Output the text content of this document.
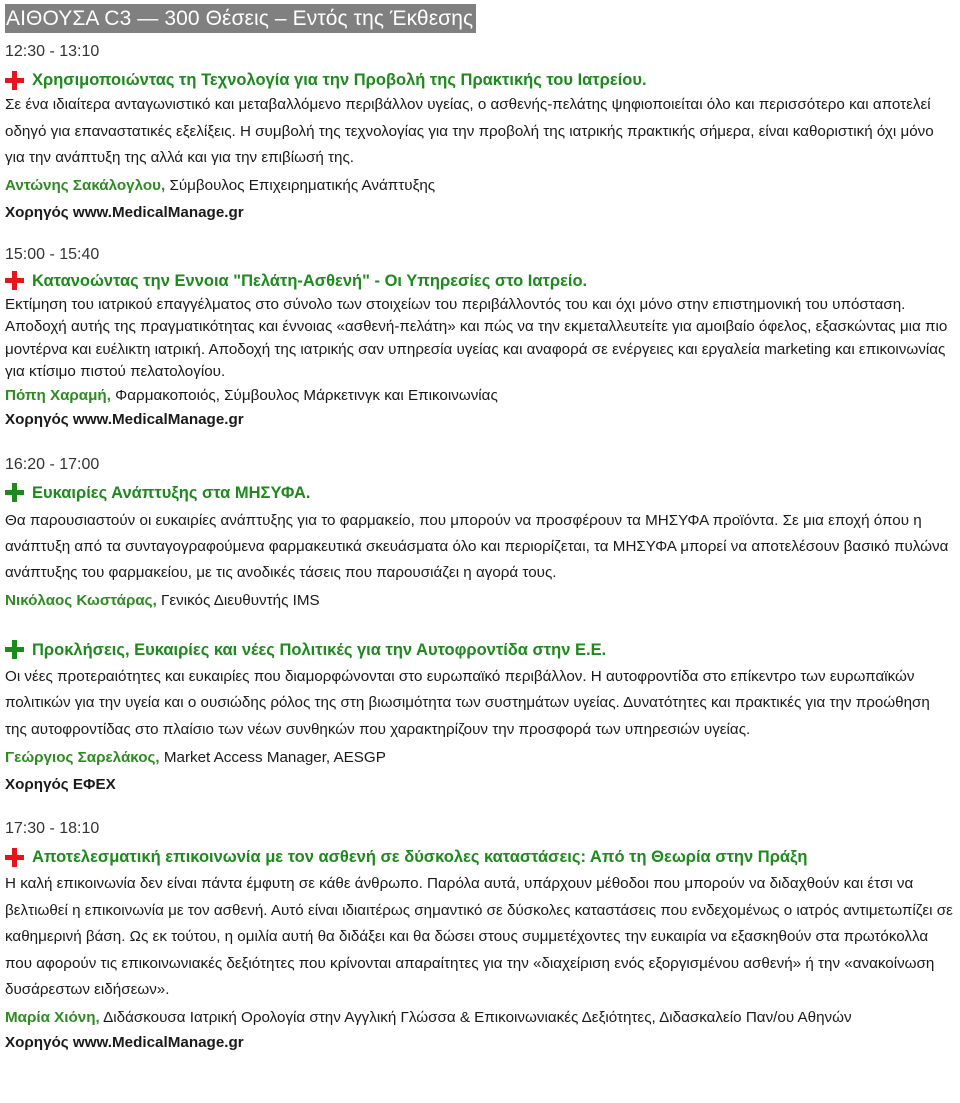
ΑΙΘΟΥΣΑ C3 — 300 Θέσεις – Εντός της Έκθεσης
12:30 - 13:10
Χρησιμοποιώντας τη Τεχνολογία για την Προβολή της Πρακτικής του Ιατρείου.

Σε ένα ιδιαίτερα ανταγωνιστικό και μεταβαλλόμενο περιβάλλον υγείας, ο ασθενής-πελάτης ψηφιοποιείται όλο και περισσότερο και αποτελεί οδηγό για επαναστατικές εξελίξεις. Η συμβολή της τεχνολογίας για την προβολή της ιατρικής πρακτικής σήμερα, είναι καθοριστική όχι μόνο για την ανάπτυξη της αλλά και για την επιβίωσή της.

Αντώνης Σακάλογλου, Σύμβουλος Επιχειρηματικής Ανάπτυξης
Χορηγός www.MedicalManage.gr
15:00 - 15:40
Κατανοώντας την Εννοια "Πελάτη-Ασθενή" - Οι Υπηρεσίες στο Ιατρείο.

Εκτίμηση του ιατρικού επαγγέλματος στο σύνολο των στοιχείων του περιβάλλοντός του και όχι μόνο στην επιστημονική του υπόσταση. Αποδοχή αυτής της πραγματικότητας και έννοιας «ασθενή-πελάτη» και πώς να την εκμεταλλευτείτε για αμοιβαίο όφελος, εξασκώντας μια πιο μοντέρνα και ευέλικτη ιατρική. Αποδοχή της ιατρικής σαν υπηρεσία υγείας και αναφορά σε ενέργειες και εργαλεία marketing και επικοινωνίας για κτίσιμο πιστού πελατολογίου.

Πόπη Χαραμή, Φαρμακοποιός, Σύμβουλος Μάρκετινγκ και Επικοινωνίας
Χορηγός www.MedicalManage.gr
16:20 - 17:00
Ευκαιρίες Ανάπτυξης στα ΜΗΣΥΦΑ.

Θα παρουσιαστούν οι ευκαιρίες ανάπτυξης για το φαρμακείο, που μπορούν να προσφέρουν τα ΜΗΣΥΦΑ προϊόντα. Σε μια εποχή όπου η ανάπτυξη από τα συνταγογραφούμενα φαρμακευτικά σκευάσματα όλο και περιορίζεται, τα ΜΗΣΥΦΑ μπορεί να αποτελέσουν βασικό πυλώνα ανάπτυξης του φαρμακείου, με τις ανοδικές τάσεις που παρουσιάζει η αγορά τους.

Νικόλαος Κωστάρας, Γενικός Διευθυντής IMS
Προκλήσεις, Ευκαιρίες και νέες Πολιτικές για την Αυτοφροντίδα στην Ε.Ε.

Οι νέες προτεραιότητες και ευκαιρίες που διαμορφώνονται στο ευρωπαϊκό περιβάλλον. Η αυτοφροντίδα στο επίκεντρο των ευρωπαϊκών πολιτικών για την υγεία και ο ουσιώδης ρόλος της στη βιωσιμότητα των συστημάτων υγείας. Δυνατότητες και πρακτικές για την προώθηση της αυτοφροντίδας στο πλαίσιο των νέων συνθηκών που χαρακτηρίζουν την προσφορά των υπηρεσιών υγείας.

Γεώργιος Σαρελάκος, Market Access Manager, AESGP
Χορηγός ΕΦΕΧ
17:30 - 18:10
Αποτελεσματική επικοινωνία με τον ασθενή σε δύσκολες καταστάσεις: Από τη Θεωρία στην Πράξη

Η καλή επικοινωνία δεν είναι πάντα έμφυτη σε κάθε άνθρωπο. Παρόλα αυτά, υπάρχουν μέθοδοι που μπορούν να διδαχθούν και έτσι να βελτιωθεί η επικοινωνία με τον ασθενή. Αυτό είναι ιδιαιτέρως σημαντικό σε δύσκολες καταστάσεις που ενδεχομένως ο ιατρός αντιμετωπίζει σε καθημερινή βάση. Ως εκ τούτου, η ομιλία αυτή θα διδάξει και θα δώσει στους συμμετέχοντες την ευκαιρία να εξασκηθούν στα πρωτόκολλα που αφορούν τις επικοινωνιακές δεξιότητες που κρίνονται απαραίτητες για την «διαχείριση ενός εξοργισμένου ασθενή» ή την «ανακοίνωση δυσάρεστων ειδήσεων».

Μαρία Χιόνη, Διδάσκουσα Ιατρική Ορολογία στην Αγγλική Γλώσσα & Επικοινωνιακές Δεξιότητες, Διδασκαλείο Παν/ου Αθηνών
Χορηγός www.MedicalManage.gr
